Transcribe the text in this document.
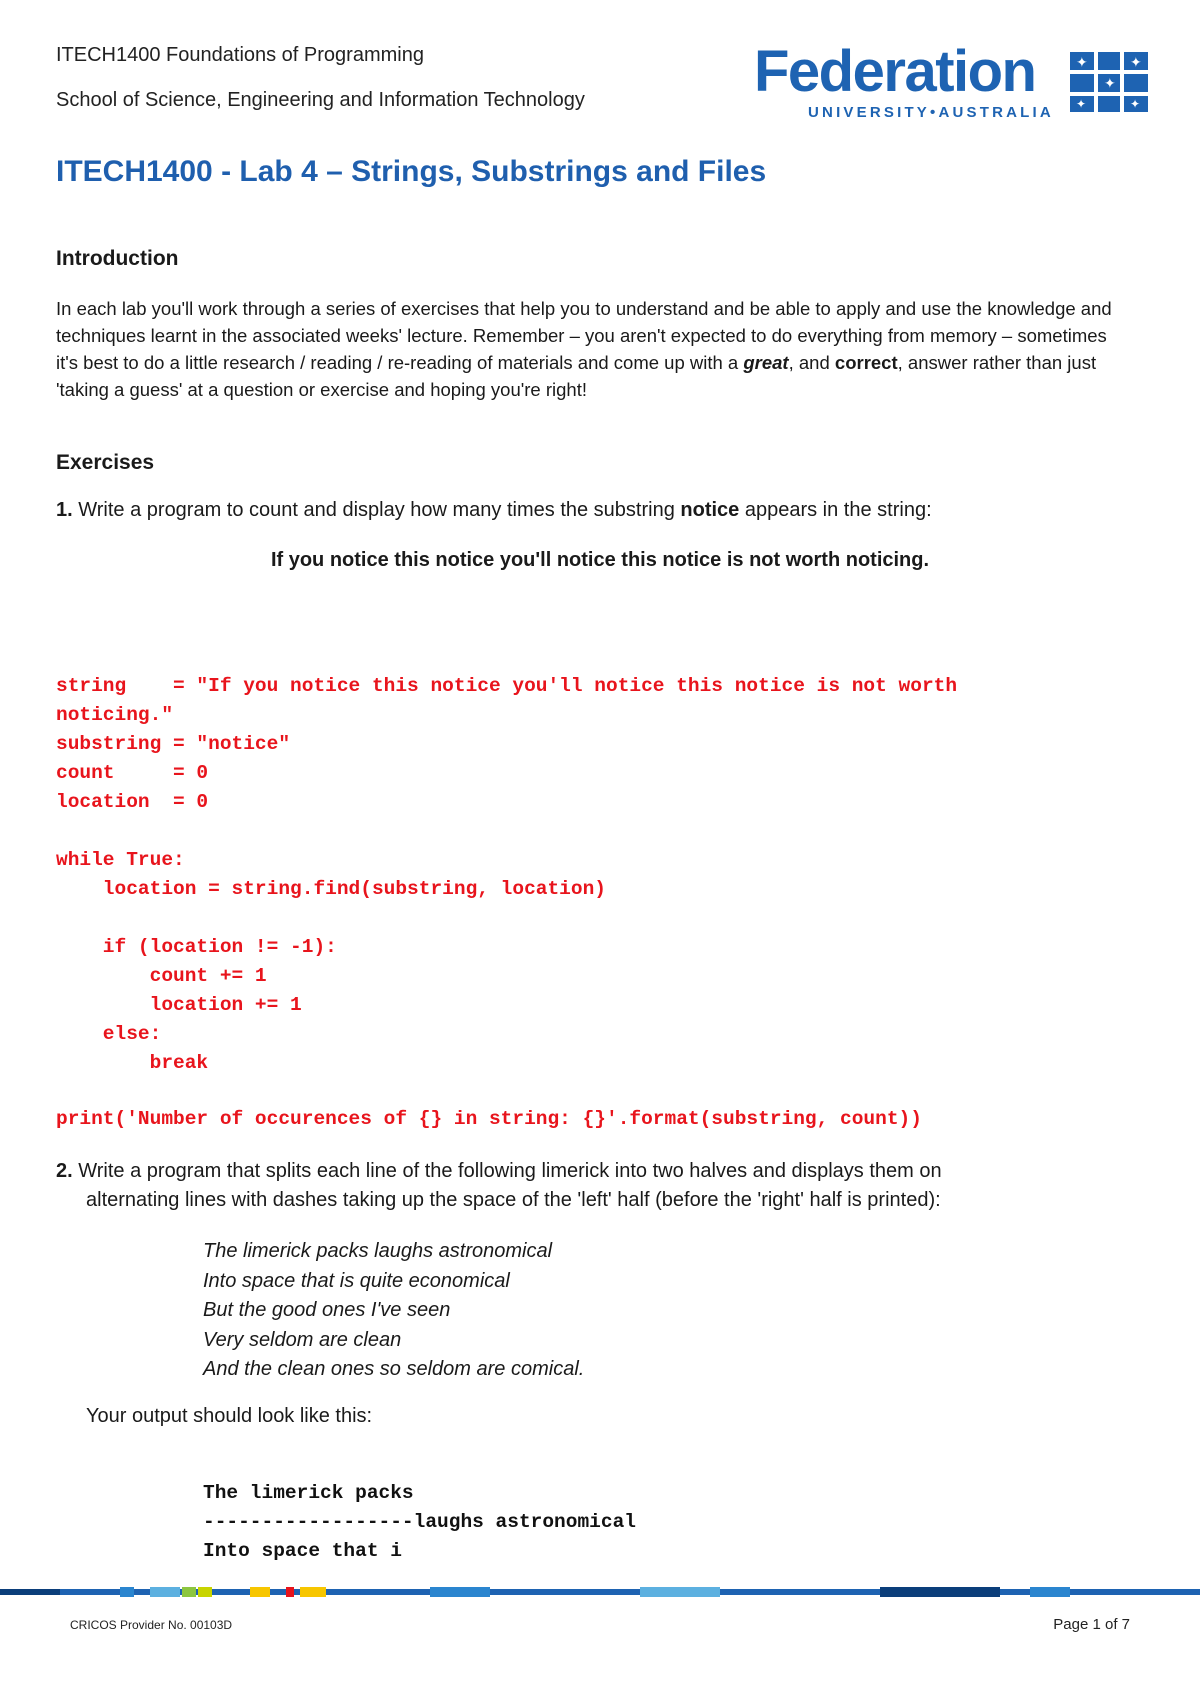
ITECH1400 Foundations of Programming
School of Science, Engineering and Information Technology	Federation
UNIVERSITY•AUSTRALIA
✦
✦
✦
✦
✦
ITECH1400 - Lab 4 – Strings, Substrings and Files
Introduction
In each lab you'll work through a series of exercises that help you to understand and be able to apply and use the knowledge and techniques learnt in the associated weeks' lecture. Remember – you aren't expected to do everything from memory – sometimes it's best to do a little research / reading / re-reading of materials and come up with a great, and correct, answer rather than just 'taking a guess' at a question or exercise and hoping you're right!
Exercises
1. Write a program to count and display how many times the substring notice appears in the string:
If you notice this notice you'll notice this notice is not worth noticing.

string    = "If you notice this notice you'll notice this notice is not worth
noticing."
substring = "notice"
count     = 0
location  = 0
while True:
location = string.find(substring, location)
if (location != -1):
count += 1
location += 1
else:
break
print('Number of occurences of {} in string: {}'.format(substring, count))

2. Write a program that splits each line of the following limerick into two halves and displays them on
alternating lines with dashes taking up the space of the 'left' half (before the 'right' half is printed):
The limerick packs laughs astronomical
Into space that is quite economical
But the good ones I've seen
Very seldom are clean
And the clean ones so seldom are comical.
Your output should look like this:

The limerick packs
------------------laughs astronomical
Into space that i

CRICOS Provider No. 00103D	Page 1 of 7
